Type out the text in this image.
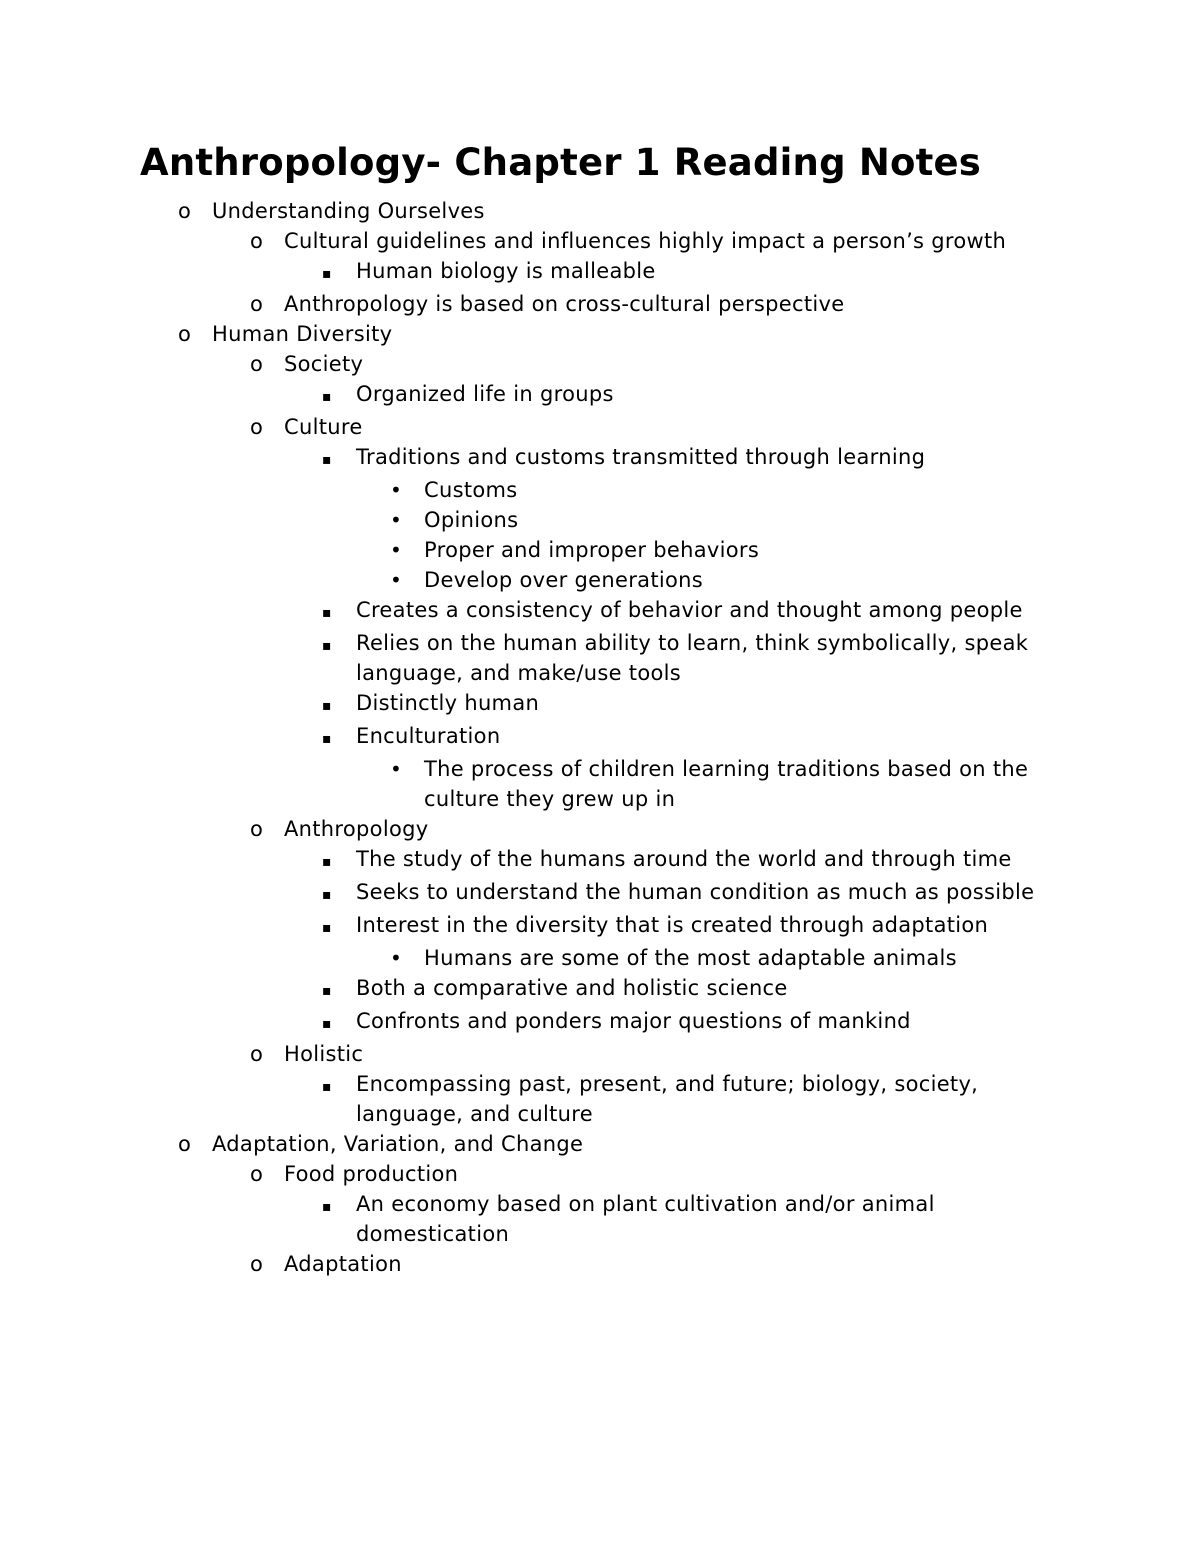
Anthropology- Chapter 1 Reading Notes
o Understanding Ourselves
o Cultural guidelines and influences highly impact a person’s growth
▪	Human biology is malleable
o Anthropology is based on cross-cultural perspective
o Human Diversity
o Society
▪	Organized life in groups
o Culture
▪	Traditions and customs transmitted through learning
•	Customs
•	Opinions
•	Proper and improper behaviors
•	Develop over generations
▪	Creates a consistency of behavior and thought among people
▪	Relies on the human ability to learn, think symbolically, speak language, and make/use tools
▪	Distinctly human
▪	Enculturation
•	The process of children learning traditions based on the culture they grew up in
o Anthropology
▪	The study of the humans around the world and through time
▪	Seeks to understand the human condition as much as possible
▪	Interest in the diversity that is created through adaptation
•	Humans are some of the most adaptable animals
▪	Both a comparative and holistic science
▪	Confronts and ponders major questions of mankind
o Holistic
▪	Encompassing past, present, and future; biology, society, language, and culture
o Adaptation, Variation, and Change
o Food production
▪	An economy based on plant cultivation and/or animal domestication
o Adaptation
